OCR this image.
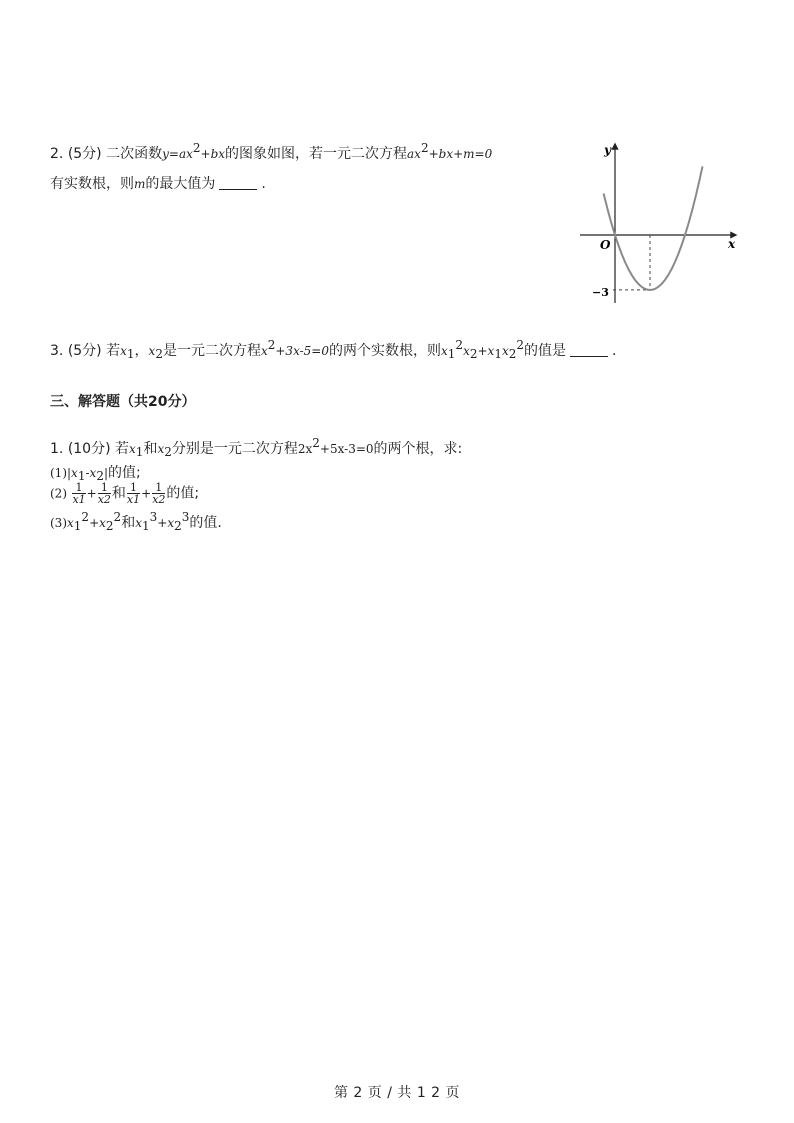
2. (5分) 二次函数$y=ax^2+bx$的图象如图，若一元二次方程$ax^2+bx+m=0$
有实数根，则m的最大值为	.
y
x
O
−3
3. (5分) 若$x_1$，$x_2$是一元二次方程$x^2+3x-5=0$的两个实数根，则$x_1^2x_2+x_1x_2^2$的值是	.
三、解答题（共20分）
1. (10分) 若$x_1$和$x_2$分别是一元二次方程$2x^2+5x-3=0$的两个根，求:
$(1)|x_1-x_2|$的值;
$(2) \frac{1}{x1} + \frac{1}{x2}$ 和 $\frac{1}{x1} + \frac{1}{x2}$ 的值;
$(3)x_1^2+x_2^2$和$x_1^3+x_2^3$的值.
第 2 页 / 共 1 2 页
